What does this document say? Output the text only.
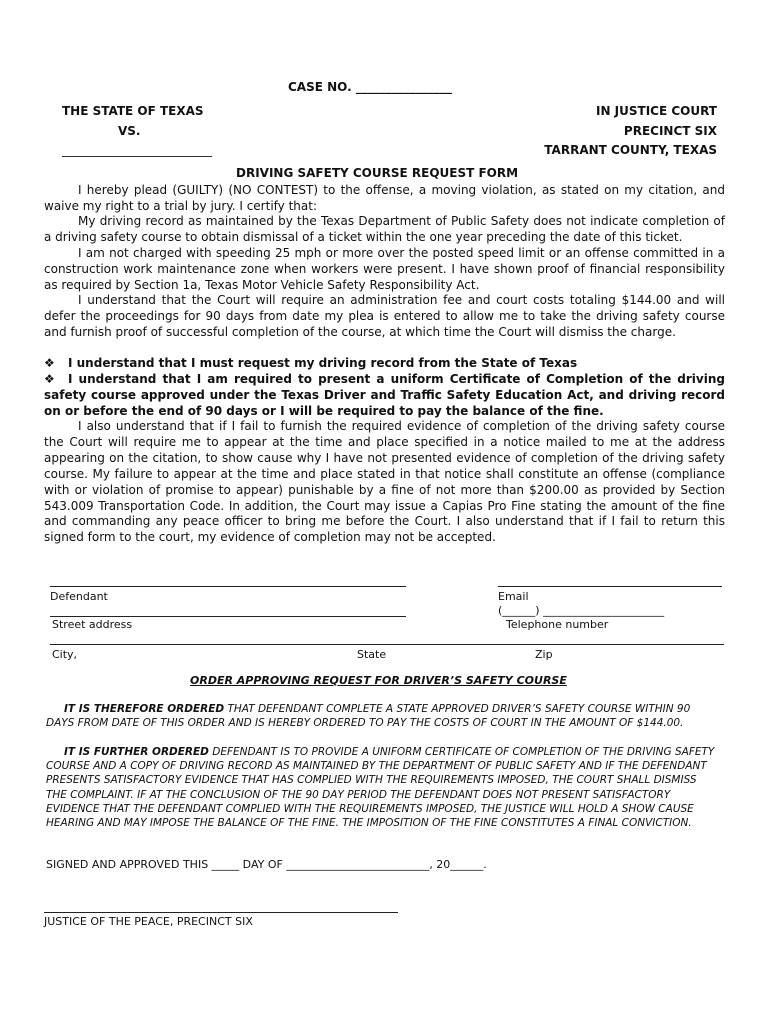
CASE NO. ________________
THE STATE OF TEXAS
VS.
_________________________
IN JUSTICE COURT
PRECINCT SIX
TARRANT COUNTY, TEXAS
DRIVING SAFETY COURSE REQUEST FORM
I hereby plead (GUILTY) (NO CONTEST) to the offense, a moving violation, as stated on my citation, and waive my right to a trial by jury. I certify that:
My driving record as maintained by the Texas Department of Public Safety does not indicate completion of a driving safety course to obtain dismissal of a ticket within the one year preceding the date of this ticket.
I am not charged with speeding 25 mph or more over the posted speed limit or an offense committed in a construction work maintenance zone when workers were present. I have shown proof of financial responsibility as required by Section 1a, Texas Motor Vehicle Safety Responsibility Act.
I understand that the Court will require an administration fee and court costs totaling $144.00 and will defer the proceedings for 90 days from date my plea is entered to allow me to take the driving safety course and furnish proof of successful completion of the course, at which time the Court will dismiss the charge.
❖ I understand that I must request my driving record from the State of Texas
❖ I understand that I am required to present a uniform Certificate of Completion of the driving safety course approved under the Texas Driver and Traffic Safety Education Act, and driving record on or before the end of 90 days or I will be required to pay the balance of the fine.
I also understand that if I fail to furnish the required evidence of completion of the driving safety course the Court will require me to appear at the time and place specified in a notice mailed to me at the address appearing on the citation, to show cause why I have not presented evidence of completion of the driving safety course. My failure to appear at the time and place stated in that notice shall constitute an offense (compliance with or violation of promise to appear) punishable by a fine of not more than $200.00 as provided by Section 543.009 Transportation Code. In addition, the Court may issue a Capias Pro Fine stating the amount of the fine and commanding any peace officer to bring me before the Court. I also understand that if I fail to return this signed form to the court, my evidence of completion may not be accepted.
Defendant	Email
(______) ______________________
Street address	Telephone number
City,	State	Zip
ORDER APPROVING REQUEST FOR DRIVER’S SAFETY COURSE
IT IS THEREFORE ORDERED THAT DEFENDANT COMPLETE A STATE APPROVED DRIVER’S SAFETY COURSE WITHIN 90 DAYS FROM DATE OF THIS ORDER AND IS HEREBY ORDERED TO PAY THE COSTS OF COURT IN THE AMOUNT OF $144.00.
IT IS FURTHER ORDERED DEFENDANT IS TO PROVIDE A UNIFORM CERTIFICATE OF COMPLETION OF THE DRIVING SAFETY COURSE AND A COPY OF DRIVING RECORD AS MAINTAINED BY THE DEPARTMENT OF PUBLIC SAFETY AND IF THE DEFENDANT PRESENTS SATISFACTORY EVIDENCE THAT HAS COMPLIED WITH THE REQUIREMENTS IMPOSED, THE COURT SHALL DISMISS THE COMPLAINT. IF AT THE CONCLUSION OF THE 90 DAY PERIOD THE DEFENDANT DOES NOT PRESENT SATISFACTORY EVIDENCE THAT THE DEFENDANT COMPLIED WITH THE REQUIREMENTS IMPOSED, THE JUSTICE WILL HOLD A SHOW CAUSE HEARING AND MAY IMPOSE THE BALANCE OF THE FINE. THE IMPOSITION OF THE FINE CONSTITUTES A FINAL CONVICTION.
SIGNED AND APPROVED THIS _____ DAY OF __________________________, 20______.
JUSTICE OF THE PEACE, PRECINCT SIX
